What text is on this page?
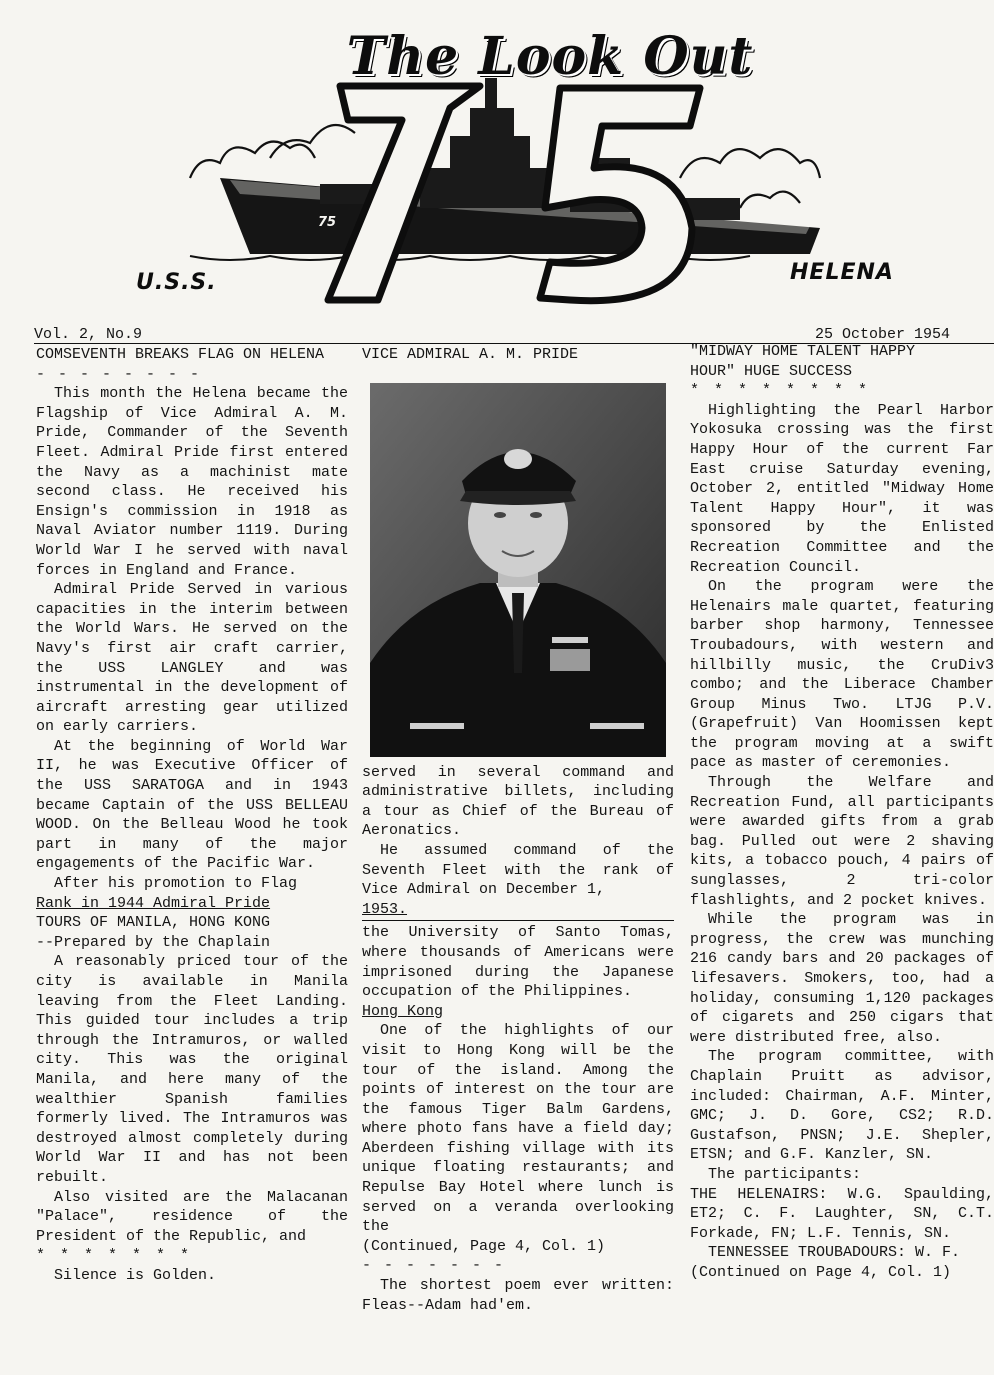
75
The Look Out
U.S.S.	HELENA
Vol. 2, No.9	25 October 1954

COMSEVENTH BREAKS FLAG ON HELENA

- - - - - - - -

This month the Helena became the Flagship of Vice Admiral A. M. Pride, Commander of the Seventh Fleet. Admiral Pride first entered the Navy as a machinist mate second class. He received his Ensign's commission in 1918 as Naval Aviator number 1119. During World War I he served with naval forces in England and France.

Admiral Pride Served in various capacities in the interim between the World Wars. He served on the Navy's first air craft carrier, the USS LANGLEY and was instrumental in the development of aircraft arresting gear utilized on early carriers.

At the beginning of World War II, he was Executive Officer of the USS SARATOGA and in 1943 became Captain of the USS BELLEAU WOOD. On the Belleau Wood he took part in many of the major engagements of the Pacific War.

After his promotion to Flag

Rank in 1944 Admiral Pride

TOURS OF MANILA, HONG KONG

--Prepared by the Chaplain

A reasonably priced tour of the city is available in Manila leaving from the Fleet Landing. This guided tour includes a trip through the Intramuros, or walled city. This was the original Manila, and here many of the wealthier Spanish families formerly lived. The Intramuros was destroyed almost completely during World War II and has not been rebuilt.

Also visited are the Malacanan "Palace", residence of the President of the Republic, and

* * * * * * *

Silence is Golden.

VICE ADMIRAL A. M. PRIDE

served in several command and administrative billets, including a tour as Chief of the Bureau of Aeronatics.

He assumed command of the Seventh Fleet with the rank of Vice Admiral on December 1,

1953.

the University of Santo Tomas, where thousands of Americans were imprisoned during the Japanese occupation of the Philippines.

Hong Kong

One of the highlights of our visit to Hong Kong will be the tour of the island. Among the points of interest on the tour are the famous Tiger Balm Gardens, where photo fans have a field day; Aberdeen fishing village with its unique floating restaurants; and Repulse Bay Hotel where lunch is served on a veranda overlooking the

(Continued, Page 4, Col. 1)

- - - - - - -

The shortest poem ever written: Fleas--Adam had'em.

"MIDWAY HOME TALENT HAPPY

HOUR" HUGE SUCCESS

* * * * * * * *

Highlighting the Pearl Harbor Yokosuka crossing was the first Happy Hour of the current Far East cruise Saturday evening, October 2, entitled "Midway Home Talent Happy Hour", it was sponsored by the Enlisted Recreation Committee and the Recreation Council.

On the program were the Helenairs male quartet, featuring barber shop harmony, Tennessee Troubadours, with western and hillbilly music, the CruDiv3 combo; and the Liberace Chamber Group Minus Two. LTJG P.V. (Grapefruit) Van Hoomissen kept the program moving at a swift pace as master of ceremonies.

Through the Welfare and Recreation Fund, all participants were awarded gifts from a grab bag. Pulled out were 2 shaving kits, a tobacco pouch, 4 pairs of sunglasses, 2 tri-color flashlights, and 2 pocket knives.

While the program was in progress, the crew was munching 216 candy bars and 20 packages of lifesavers. Smokers, too, had a holiday, consuming 1,120 packages of cigarets and 250 cigars that were distributed free, also.

The program committee, with Chaplain Pruitt as advisor, included: Chairman, A.F. Minter, GMC; J. D. Gore, CS2; R.D. Gustafson, PNSN; J.E. Shepler, ETSN; and G.F. Kanzler, SN.

The participants:

THE HELENAIRS: W.G. Spaulding, ET2; C. F. Laughter, SN, C.T. Forkade, FN; L.F. Tennis, SN.

TENNESSEE TROUBADOURS: W. F.

(Continued on Page 4, Col. 1)
